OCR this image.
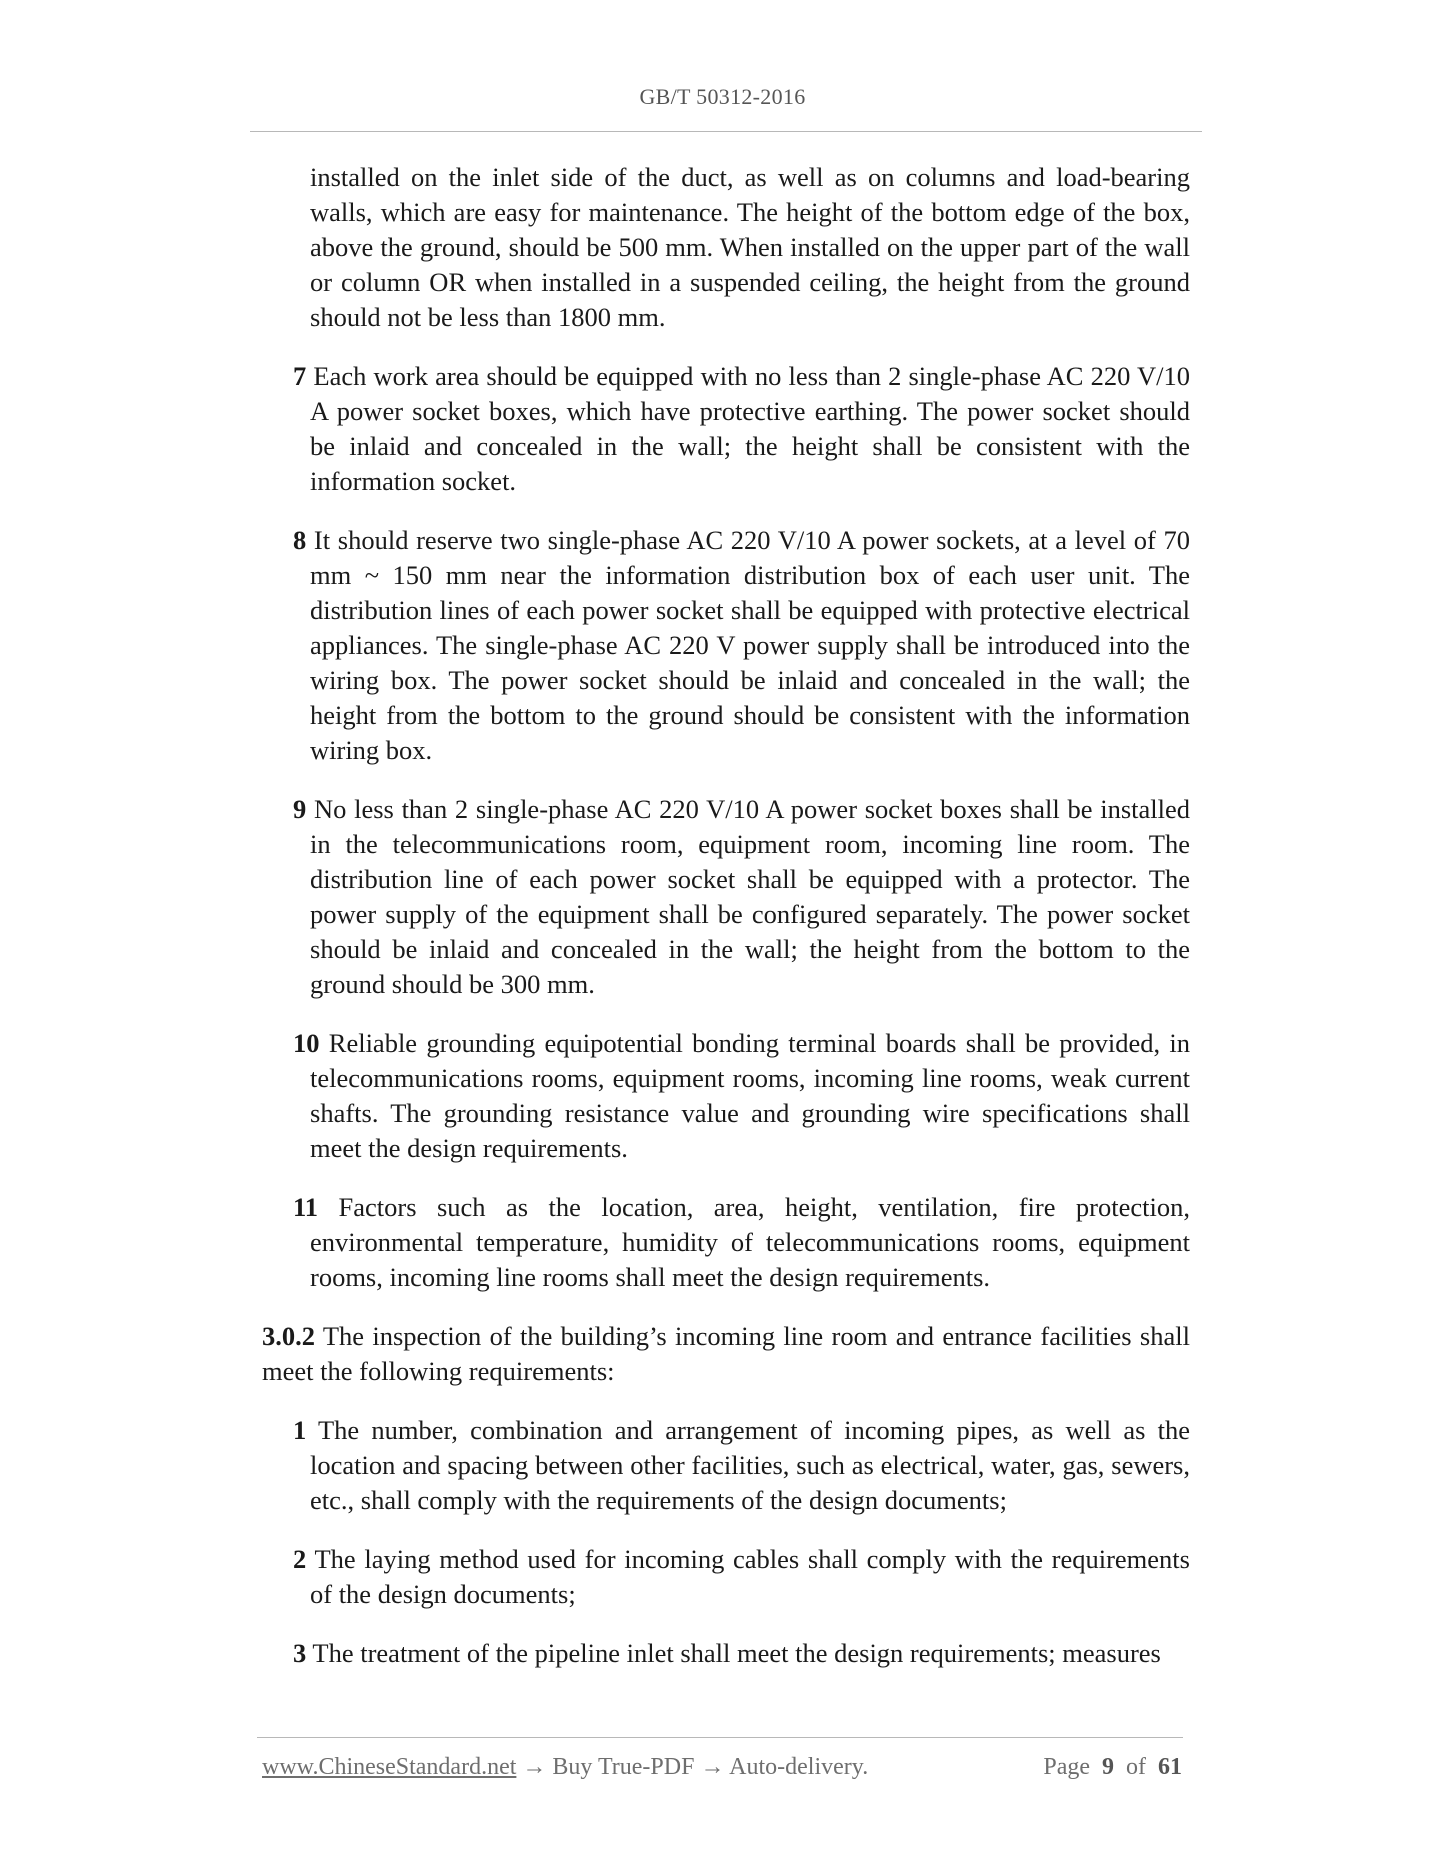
GB/T 50312-2016

installed on the inlet side of the duct, as well as on columns and load-bearing walls, which are easy for maintenance. The height of the bottom edge of the box, above the ground, should be 500 mm. When installed on the upper part of the wall or column OR when installed in a suspended ceiling, the height from the ground should not be less than 1800 mm.

7 Each work area should be equipped with no less than 2 single-phase AC 220 V/10 A power socket boxes, which have protective earthing. The power socket should be inlaid and concealed in the wall; the height shall be consistent with the information socket.

8 It should reserve two single-phase AC 220 V/10 A power sockets, at a level of 70 mm ~ 150 mm near the information distribution box of each user unit. The distribution lines of each power socket shall be equipped with protective electrical appliances. The single-phase AC 220 V power supply shall be introduced into the wiring box. The power socket should be inlaid and concealed in the wall; the height from the bottom to the ground should be consistent with the information wiring box.

9 No less than 2 single-phase AC 220 V/10 A power socket boxes shall be installed in the telecommunications room, equipment room, incoming line room. The distribution line of each power socket shall be equipped with a protector. The power supply of the equipment shall be configured separately. The power socket should be inlaid and concealed in the wall; the height from the bottom to the ground should be 300 mm.

10 Reliable grounding equipotential bonding terminal boards shall be provided, in telecommunications rooms, equipment rooms, incoming line rooms, weak current shafts. The grounding resistance value and grounding wire specifications shall meet the design requirements.

11 Factors such as the location, area, height, ventilation, fire protection, environmental temperature, humidity of telecommunications rooms, equipment rooms, incoming line rooms shall meet the design requirements.

3.0.2 The inspection of the building’s incoming line room and entrance facilities shall meet the following requirements:

1 The number, combination and arrangement of incoming pipes, as well as the location and spacing between other facilities, such as electrical, water, gas, sewers, etc., shall comply with the requirements of the design documents;

2 The laying method used for incoming cables shall comply with the requirements of the design documents;

3 The treatment of the pipeline inlet shall meet the design requirements; measures

www.ChineseStandard.net → Buy True-PDF → Auto-delivery.	Page 9 of 61
